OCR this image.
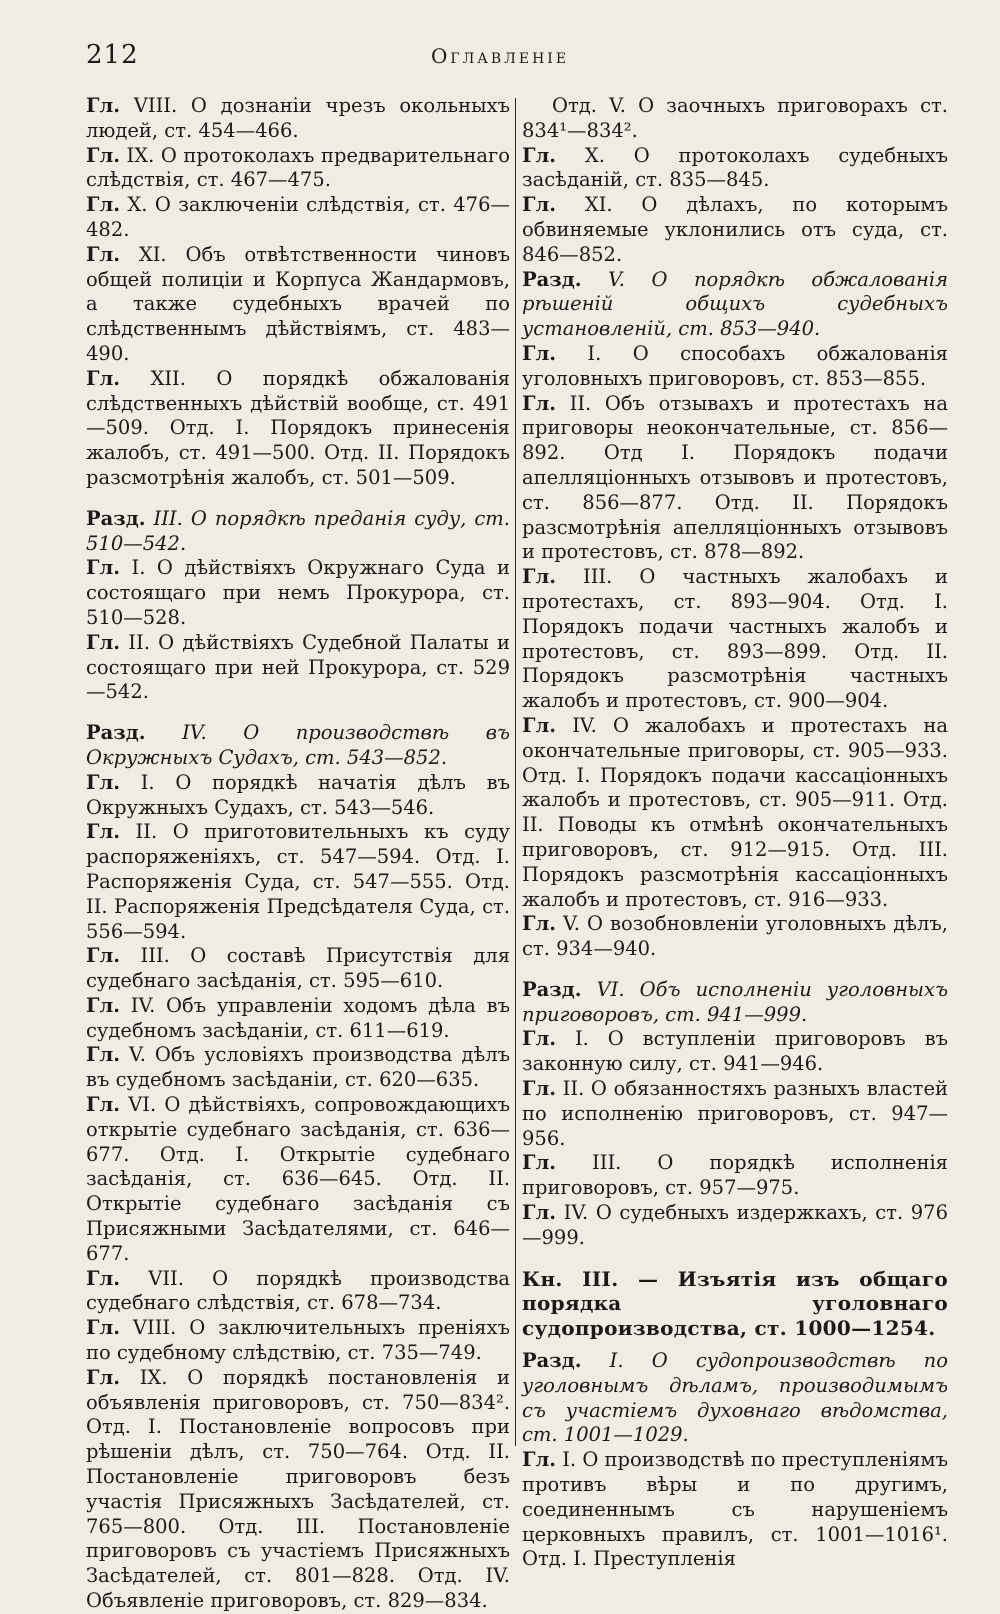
212	Оглавленіе

Гл. VIII. О дознаніи чрезъ окольныхъ людей, ст. 454—466.

Гл. IX. О протоколахъ предварительнаго слѣдствія, ст. 467—475.

Гл. X. О заключеніи слѣдствія, ст. 476—482.

Гл. XI. Объ отвѣтственности чиновъ общей полиціи и Корпуса Жандармовъ, а также судебныхъ врачей по слѣдственнымъ дѣйствіямъ, ст. 483—490.

Гл. XII. О порядкѣ обжалованія слѣдственныхъ дѣйствій вообще, ст. 491—509. Отд. I. Порядокъ принесенія жалобъ, ст. 491—500. Отд. II. Порядокъ разсмотрѣнія жалобъ, ст. 501—509.

Разд. III. О порядкѣ преданія суду, ст. 510—542.

Гл. I. О дѣйствіяхъ Окружнаго Суда и состоящаго при немъ Прокурора, ст. 510—528.

Гл. II. О дѣйствіяхъ Судебной Палаты и состоящаго при ней Прокурора, ст. 529—542.

Разд. IV. О производствѣ въ Окружныхъ Судахъ, ст. 543—852.

Гл. I. О порядкѣ начатія дѣлъ въ Окружныхъ Судахъ, ст. 543—546.

Гл. II. О приготовительныхъ къ суду распоряженіяхъ, ст. 547—594. Отд. I. Распоряженія Суда, ст. 547—555. Отд. II. Распоряженія Предсѣдателя Суда, ст. 556—594.

Гл. III. О составѣ Присутствія для судебнаго засѣданія, ст. 595—610.

Гл. IV. Объ управленіи ходомъ дѣла въ судебномъ засѣданіи, ст. 611—619.

Гл. V. Объ условіяхъ производства дѣлъ въ судебномъ засѣданіи, ст. 620—635.

Гл. VI. О дѣйствіяхъ, сопровождающихъ открытіе судебнаго засѣданія, ст. 636—677. Отд. I. Открытіе судебнаго засѣданія, ст. 636—645. Отд. II. Открытіе судебнаго засѣданія съ Присяжными Засѣдателями, ст. 646—677.

Гл. VII. О порядкѣ производства судебнаго слѣдствія, ст. 678—734.

Гл. VIII. О заключительныхъ преніяхъ по судебному слѣдствію, ст. 735—749.

Гл. IX. О порядкѣ постановленія и объявленія приговоровъ, ст. 750—834². Отд. I. Постановленіе вопросовъ при рѣшеніи дѣлъ, ст. 750—764. Отд. II. Постановленіе приговоровъ безъ участія Присяжныхъ Засѣдателей, ст. 765—800. Отд. III. Постановленіе приговоровъ съ участіемъ Присяжныхъ Засѣдателей, ст. 801—828. Отд. IV. Объявленіе приговоровъ, ст. 829—834.

Отд. V. О заочныхъ приговорахъ ст. 834¹—834².

Гл. X. О протоколахъ судебныхъ засѣданій, ст. 835—845.

Гл. XI. О дѣлахъ, по которымъ обвиняемые уклонились отъ суда, ст. 846—852.

Разд. V. О порядкѣ обжалованія рѣшеній общихъ судебныхъ установленій, ст. 853—940.

Гл. I. О способахъ обжалованія уголовныхъ приговоровъ, ст. 853—855.

Гл. II. Объ отзывахъ и протестахъ на приговоры неокончательные, ст. 856—892. Отд I. Порядокъ подачи апелляціонныхъ отзывовъ и протестовъ, ст. 856—877. Отд. II. Порядокъ разсмотрѣнія апелляціонныхъ отзывовъ и протестовъ, ст. 878—892.

Гл. III. О частныхъ жалобахъ и протестахъ, ст. 893—904. Отд. I. Порядокъ подачи частныхъ жалобъ и протестовъ, ст. 893—899. Отд. II. Порядокъ разсмотрѣнія частныхъ жалобъ и протестовъ, ст. 900—904.

Гл. IV. О жалобахъ и протестахъ на окончательные приговоры, ст. 905—933. Отд. I. Порядокъ подачи кассаціонныхъ жалобъ и протестовъ, ст. 905—911. Отд. II. Поводы къ отмѣнѣ окончательныхъ приговоровъ, ст. 912—915. Отд. III. Порядокъ разсмотрѣнія кассаціонныхъ жалобъ и протестовъ, ст. 916—933.

Гл. V. О возобновленіи уголовныхъ дѣлъ, ст. 934—940.

Разд. VI. Объ исполненіи уголовныхъ приговоровъ, ст. 941—999.

Гл. I. О вступленіи приговоровъ въ законную силу, ст. 941—946.

Гл. II. О обязанностяхъ разныхъ властей по исполненію приговоровъ, ст. 947—956.

Гл. III. О порядкѣ исполненія приговоровъ, ст. 957—975.

Гл. IV. О судебныхъ издержкахъ, ст. 976—999.

Кн. III. — Изъятія изъ общаго порядка уголовнаго судопроизводства, ст. 1000—1254.

Разд. I. О судопроизводствѣ по уголовнымъ дѣламъ, производимымъ съ участіемъ духовнаго вѣдомства, ст. 1001—1029.

Гл. I. О производствѣ по преступленіямъ противъ вѣры и по другимъ, соединеннымъ съ нарушеніемъ церковныхъ правилъ, ст. 1001—1016¹. Отд. I. Преступленія
